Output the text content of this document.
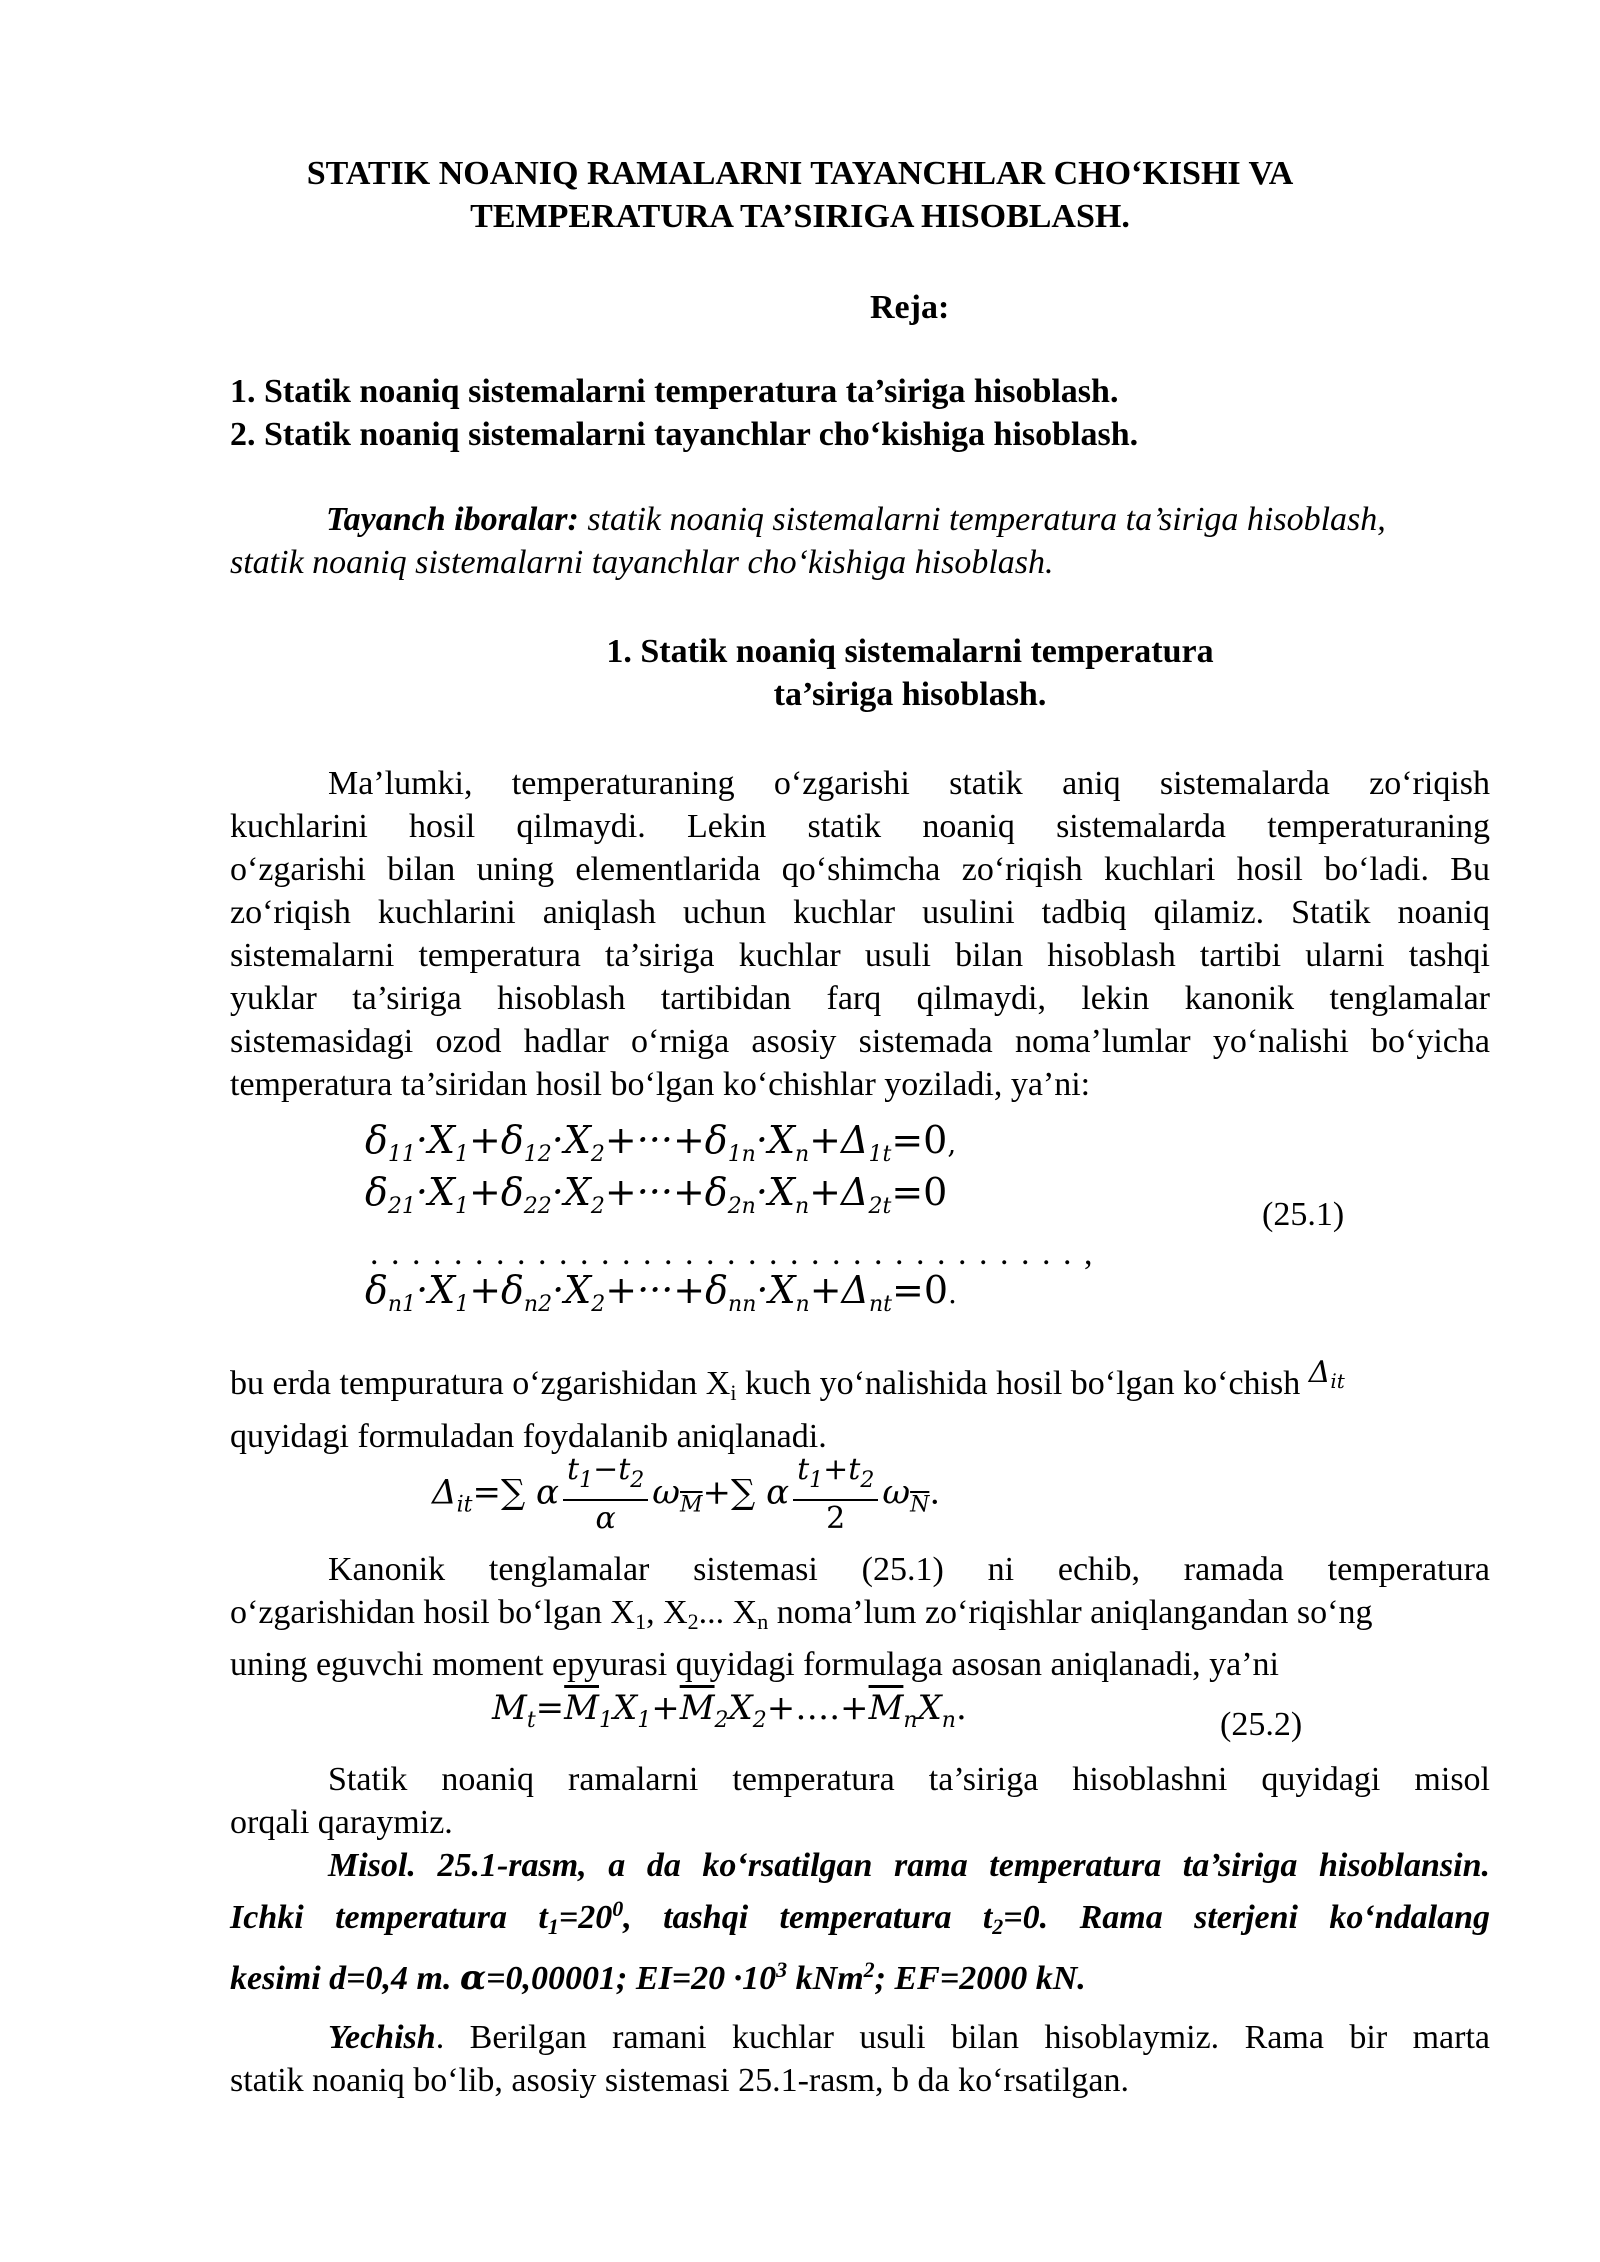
STATIK NOANIQ RAMALARNI TAYANCHLAR CHO‘KISHI VA
TEMPERATURA TA’SIRIGA HISOBLASH.
Reja:
1. Statik noaniq sistemalarni temperatura ta’siriga hisoblash.
2. Statik noaniq sistemalarni tayanchlar cho‘kishiga hisoblash.
Tayanch iboralar: statik noaniq sistemalarni temperatura ta’siriga hisoblash,
statik noaniq sistemalarni tayanchlar cho‘kishiga hisoblash.
1. Statik noaniq sistemalarni temperatura
ta’siriga hisoblash.
Ma’lumki, temperaturaning o‘zgarishi statik aniq sistemalarda zo‘riqish
kuchlarini hosil qilmaydi. Lekin statik noaniq sistemalarda temperaturaning
o‘zgarishi bilan uning elementlarida qo‘shimcha zo‘riqish kuchlari hosil bo‘ladi. Bu
zo‘riqish kuchlarini aniqlash uchun kuchlar usulini tadbiq qilamiz. Statik noaniq
sistemalarni temperatura ta’siriga kuchlar usuli bilan hisoblash tartibi ularni tashqi
yuklar ta’siriga hisoblash tartibidan farq qilmaydi, lekin kanonik tenglamalar
sistemasidagi ozod hadlar o‘rniga asosiy sistemada noma’lumlar yo‘nalishi bo‘yicha
temperatura ta’siridan hosil bo‘lgan ko‘chishlar yoziladi, ya’ni:
$\delta_{11}\cdot X_1+\delta_{12}\cdot X_2+\cdot\cdot\cdot+\delta_{1n}\cdot X_n+\Delta_{1t}=0$,
$\delta_{21}\cdot X_1+\delta_{22}\cdot X_2+\cdot\cdot\cdot+\delta_{2n}\cdot X_n+\Delta_{2t}=0$
(25.1)
. . . . . . . . . . . . . . . . . . . . . . . . . . . . . . . . . . ,
$\delta_{n1}\cdot X_1+\delta_{n2}\cdot X_2+\cdot\cdot\cdot+\delta_{nn}\cdot X_n+\Delta_{nt}=0$.
bu erda tempuratura o‘zgarishidan $X_i$ kuch yo‘nalishida hosil bo‘lgan ko‘chish $\Delta_{it}$
quyidagi formuladan foydalanib aniqlanadi.
$\Delta_{it}=\sum$ α $\frac{t_1-t_2}{\alpha} \omega_{\overline{M}}+\sum$ α $\frac{t_1+t_2}{2} \omega_{\overline{N}}$.
Kanonik tenglamalar sistemasi (25.1) ni echib, ramada temperatura
o‘zgarishidan hosil bo‘lgan $X_1$, $X_2$... $X_n$ noma’lum zo‘riqishlar aniqlangandan so‘ng
uning eguvchi moment epyurasi quyidagi formulaga asosan aniqlanadi, ya’ni
$M_t=\overline{M}_1X_1+\overline{M}_2X_2+\dots.+\overline{M}_nX_n$.	(25.2)
Statik noaniq ramalarni temperatura ta’siriga hisoblashni quyidagi misol
orqali qaraymiz.
Misol. 25.1-rasm, a da ko‘rsatilgan rama temperatura ta’siriga hisoblansin.
Ichki temperatura $t_1=20^0$, tashqi temperatura $t_2=0$. Rama sterjeni ko‘ndalang
kesimi d=0,4 m. α=0,00001; $EI=20 \cdot 10^3$ kNm$^2$; EF=2000 kN.
Yechish. Berilgan ramani kuchlar usuli bilan hisoblaymiz. Rama bir marta
statik noaniq bo‘lib, asosiy sistemasi 25.1-rasm, b da ko‘rsatilgan.
